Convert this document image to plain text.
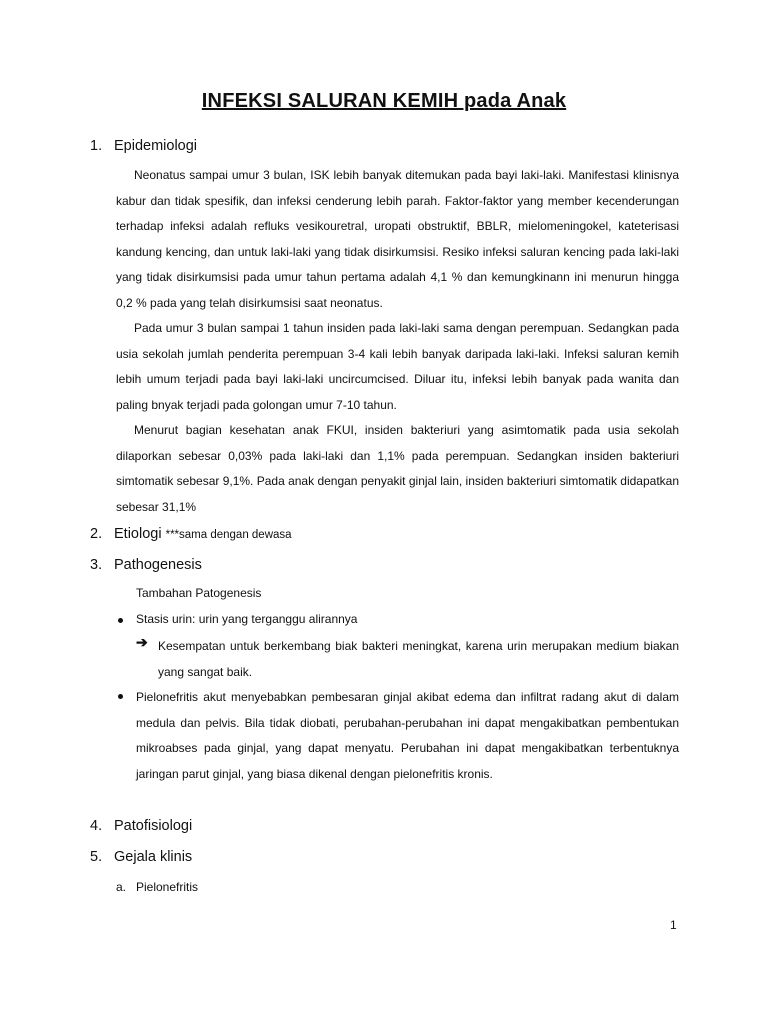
INFEKSI SALURAN KEMIH pada Anak
1. Epidemiologi

Neonatus sampai umur 3 bulan, ISK lebih banyak ditemukan pada bayi laki-laki. Manifestasi klinisnya kabur dan tidak spesifik, dan infeksi cenderung lebih parah. Faktor-faktor yang member kecenderungan terhadap infeksi adalah refluks vesikouretral, uropati obstruktif, BBLR, mielomeningokel, kateterisasi kandung kencing, dan untuk laki-laki yang tidak disirkumsisi. Resiko infeksi saluran kencing pada laki-laki yang tidak disirkumsisi pada umur tahun pertama adalah 4,1 % dan kemungkinann ini menurun hingga 0,2 % pada yang telah disirkumsisi saat neonatus.

Pada umur 3 bulan sampai 1 tahun insiden pada laki-laki sama dengan perempuan. Sedangkan pada usia sekolah jumlah penderita perempuan 3-4 kali lebih banyak daripada laki-laki. Infeksi saluran kemih lebih umum terjadi pada bayi laki-laki uncircumcised. Diluar itu, infeksi lebih banyak pada wanita dan paling bnyak terjadi pada golongan umur 7-10 tahun.

Menurut bagian kesehatan anak FKUI, insiden bakteriuri yang asimtomatik pada usia sekolah dilaporkan sebesar 0,03% pada laki-laki dan 1,1% pada perempuan. Sedangkan insiden bakteriuri simtomatik sebesar 9,1%. Pada anak dengan penyakit ginjal lain, insiden bakteriuri simtomatik didapatkan sebesar 31,1%

2. Etiologi ***sama dengan dewasa
3. Pathogenesis
Tambahan Patogenesis
Stasis urin: urin yang terganggu alirannya
➔ Kesempatan untuk berkembang biak bakteri meningkat, karena urin merupakan medium biakan yang sangat baik.

Pielonefritis akut menyebabkan pembesaran ginjal akibat edema dan infiltrat radang akut di dalam medula dan pelvis. Bila tidak diobati, perubahan-perubahan ini dapat mengakibatkan pembentukan mikroabses pada ginjal, yang dapat menyatu. Perubahan ini dapat mengakibatkan terbentuknya jaringan parut ginjal, yang biasa dikenal dengan pielonefritis kronis.

4. Patofisiologi
5. Gejala klinis
a. Pielonefritis
1
